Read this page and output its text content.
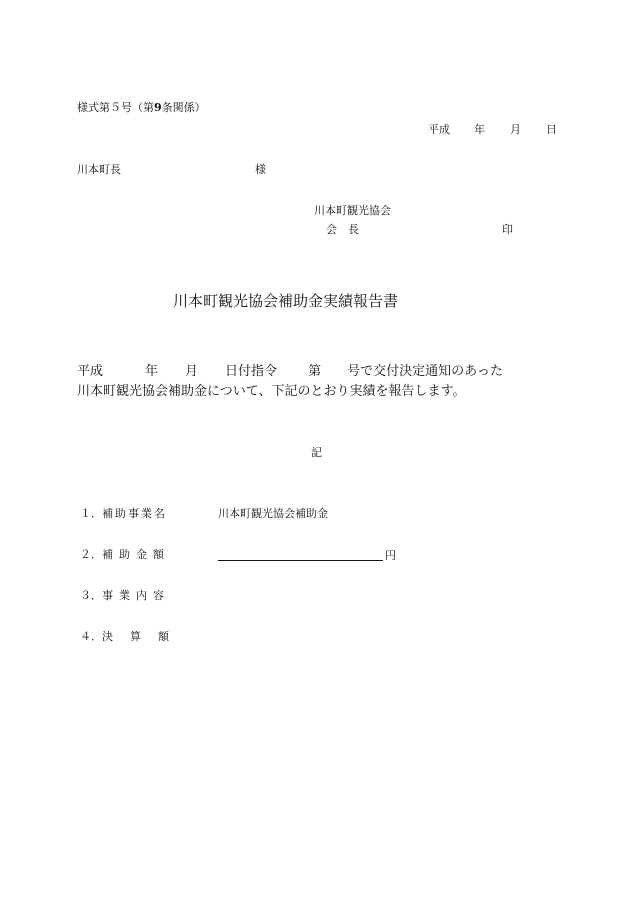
様式第５号（第9条関係）
平成 年 月 日
川本町長	様
川本町観光協会
会　長	印
川本町観光協会補助金実績報告書
平成	年 月 日付指令 第 号で交付決定通知のあった
川本町観光協会補助金について、下記のとおり実績を報告します。
記
１．補助事業名	川本町観光協会補助金
２．補助金額	円
３．事業内容
４．決算額
